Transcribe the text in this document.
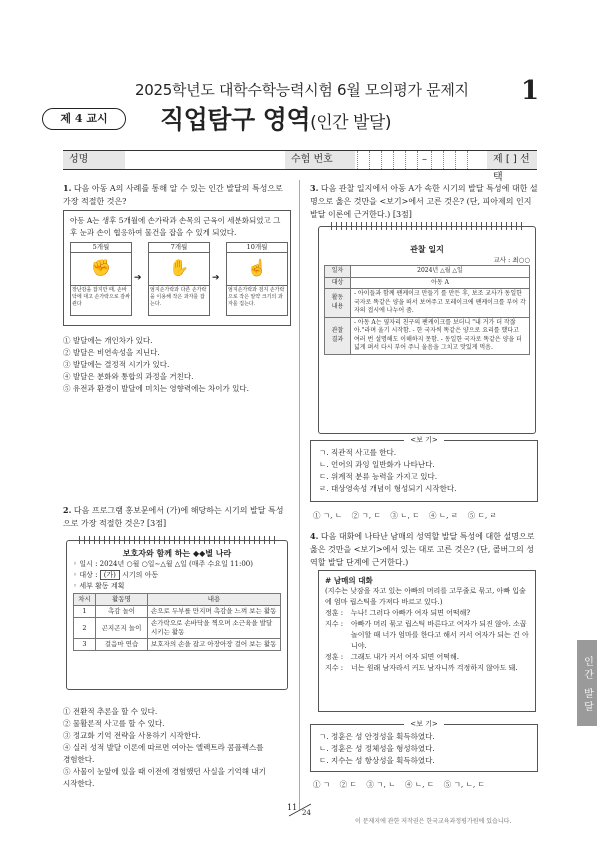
2025학년도 대학수학능력시험 6월 모의평가 문제지 1
제 4 교시	직업탐구 영역(인간 발달)
성명	수험 번호	–	제 [ ] 선택
1. 다음 아동 A의 사례를 통해 알 수 있는 인간 발달의 특성으로 가장 적절한 것은?
아동 A는 생후 5개월에 손가락과 손목의 근육이 세분화되었고 그 후 눈과 손이 협응하여 물건을 잡을 수 있게 되었다.
5개월
✊
장난감을 잡지만 때, 손바닥에 대고 손가락으로 감싸 쥔다
➔
7개월
✋
엄지손가락과 다른 손가락을 이용해 작은 과자를 잡는다.
➔
10개월
☝
엄지손가락과 검지 손가락으로 작은 알약 크기의 과자를 집는다.
① 발달에는 개인차가 있다.
② 발달은 비연속성을 지닌다.
③ 발달에는 결정적 시기가 있다.
④ 발달은 분화와 통합의 과정을 거친다.
⑤ 유전과 환경이 발달에 미치는 영향력에는 차이가 있다.
2. 다음 프로그램 홍보문에서 (가)에 해당하는 시기의 발달 특성으로 가장 적절한 것은? [3점]
보호자와 함께 하는 ◆◆별 나라
◦ 일시 : 2024년 ○월 ○일∼△월 △일 (매주 수요일 11:00)
◦ 대상 : (가) 시기의 아동
◦ 세부 활동 계획
차시	활동명	내용
1	촉감 놀이	손으로 두부를 만지며 촉감을 느껴 보는 활동
2	곤지곤지 놀이	손가락으로 손바닥을 찍으며 소근육을 발달시키는 활동
3	걸음마 연습	보호자의 손을 잡고 아장아장 걸어 보는 활동
① 전환적 추론을 할 수 있다.
② 물활론적 사고를 할 수 있다.
③ 정교화 기억 전략을 사용하기 시작한다.
④ 실러 성적 발달 이론에 따르면 여아는 엘렉트라 콤플렉스를
경험한다.
⑤ 사물이 눈앞에 있을 때 이전에 경험했던 사실을 기억해 내기
시작한다.
3. 다음 관찰 일지에서 아동 A가 속한 시기의 발달 특성에 대한 설명으로 옳은 것만을 <보기>에서 고른 것은? (단, 피아제의 인지 발달 이론에 근거한다.) [3점]
관찰 일지
교사 : 최○○
일자	2024년 △월 △일
대상	아동 A
활동 내용	- 아이들과 함께 팬케이크 만들기 를 만든 후, 보조 교사가 동일한 국자로 똑같은 양을 떠서 보여주고 모레이크에 팬케이크를 부어 각자의 접시에 나누어 줌.
관찰 결과	- 아동 A는 옆자리 친구의 팬케이크를 보더니 "내 거가 더 작잖아."라며 울기 시작함. - 한 국자씩 똑같은 양으로 요리를 했다고 여러 번 설명해도 이해하지 못함. - 동일한 국자로 똑같은 양을 더 넓게 펴서 다시 부어 주니 울음을 그치고 맛있게 먹음.
<보 기>
ㄱ. 직관적 사고를 한다.
ㄴ. 언어의 과잉 일반화가 나타난다.
ㄷ. 위계적 분류 능력을 가지고 있다.
ㄹ. 대상영속성 개념이 형성되기 시작한다.
① ㄱ, ㄴ    ② ㄱ, ㄷ    ③ ㄴ, ㄷ    ④ ㄴ, ㄹ    ⑤ ㄷ, ㄹ
4. 다음 대화에 나타난 남매의 성역할 발달 특성에 대한 설명으로 옳은 것만을 <보기>에서 있는 대로 고른 것은? (단, 콜버그의 성역할 발달 단계에 근거한다.)
# 남매의 대화
(지수는 낮잠을 자고 있는 아빠의 머리를 고무줄로 묶고, 아빠 입술에 엄마 립스틱을 가져다 바르고 있다.)
정훈 :	누나! 그러다 아빠가 여자 되면 어떡해?
지수 :	아빠가 머리 묶고 립스틱 바른다고 여자가 되진 않아. 소꿉놀이할 때 너가 엄마를 한다고 해서 커서 여자가 되는 건 아니야.
정훈 :	그래도 내가 커서 여자 되면 어떡해.
지수 :	너는 원래 남자라서 커도 남자니까 걱정하지 않아도 돼.
<보 기>
ㄱ. 정훈은 성 안정성을 획득하였다.
ㄴ. 정훈은 성 정체성을 형성하였다.
ㄷ. 지수는 성 항상성을 획득하였다.
① ㄱ    ② ㄷ    ③ ㄱ, ㄴ    ④ ㄴ, ㄷ    ⑤ ㄱ, ㄴ, ㄷ
인간 발달
11
24
이 문제지에 관한 저작권은 한국교육과정평가원에 있습니다.
